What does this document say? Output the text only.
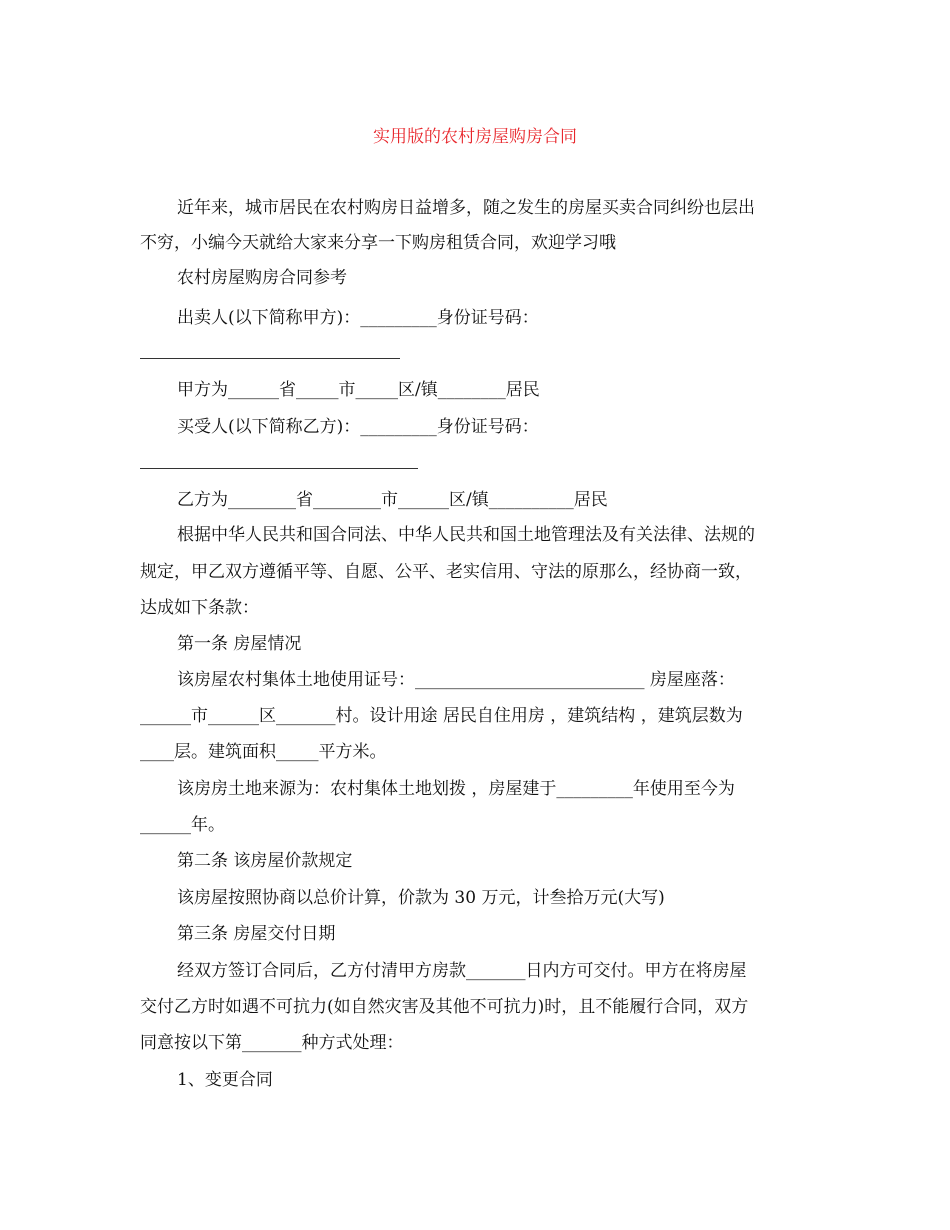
实用版的农村房屋购房合同
近年来，城市居民在农村购房日益增多，随之发生的房屋买卖合同纠纷也层出
不穷，小编今天就给大家来分享一下购房租赁合同，欢迎学习哦
农村房屋购房合同参考
出卖人(以下简称甲方)：_________身份证号码：
甲方为______省_____市_____区/镇________居民
买受人(以下简称乙方)：_________身份证号码：
乙方为________省________市______区/镇__________居民
根据中华人民共和国合同法、中华人民共和国土地管理法及有关法律、法规的
规定，甲乙双方遵循平等、自愿、公平、老实信用、守法的原那么，经协商一致，
达成如下条款：
第一条 房屋情况
该房屋农村集体土地使用证号：___________________________ 房屋座落：
______市______区_______村。设计用途 居民自住用房 ，建筑结构 ，建筑层数为
____层。建筑面积_____平方米。
该房房土地来源为：农村集体土地划拨 ，房屋建于_________年使用至今为
______年。
第二条 该房屋价款规定
该房屋按照协商以总价计算，价款为 30 万元，计叁拾万元(大写)
第三条 房屋交付日期
经双方签订合同后，乙方付清甲方房款_______日内方可交付。甲方在将房屋
交付乙方时如遇不可抗力(如自然灾害及其他不可抗力)时，且不能履行合同，双方
同意按以下第_______种方式处理：
1、变更合同
